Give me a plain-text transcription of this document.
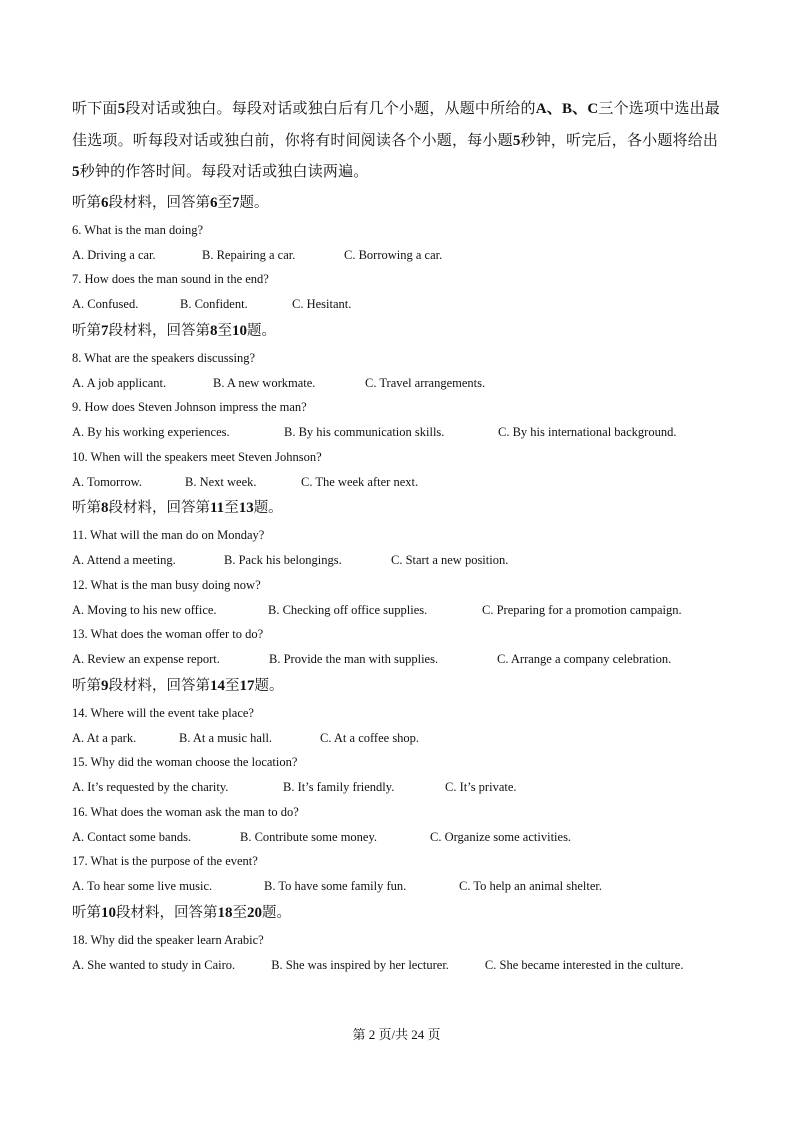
听下面5段对话或独白。每段对话或独白后有几个小题，从题中所给的A、B、C三个选项中选出最佳选项。听每段对话或独白前，你将有时间阅读各个小题，每小题5秒钟，听完后，各小题将给出5秒钟的作答时间。每段对话或独白读两遍。

听第6段材料，回答第6至7题。

6. What is the man doing?

A. Driving a car.	B. Repairing a car.	C. Borrowing a car.

7. How does the man sound in the end?

A. Confused.	B. Confident.	C. Hesitant.

听第7段材料，回答第8至10题。

8. What are the speakers discussing?

A. A job applicant.	B. A new workmate.	C. Travel arrangements.

9. How does Steven Johnson impress the man?

A. By his working experiences.	B. By his communication skills.	C. By his international background.

10. When will the speakers meet Steven Johnson?

A. Tomorrow.	B. Next week.	C. The week after next.

听第8段材料，回答第11至13题。

11. What will the man do on Monday?

A. Attend a meeting.	B. Pack his belongings.	C. Start a new position.

12. What is the man busy doing now?

A. Moving to his new office.	B. Checking off office supplies.	C. Preparing for a promotion campaign.

13. What does the woman offer to do?

A. Review an expense report.	B. Provide the man with supplies.	C. Arrange a company celebration.

听第9段材料，回答第14至17题。

14. Where will the event take place?

A. At a park.	B. At a music hall.	C. At a coffee shop.

15. Why did the woman choose the location?

A. It’s requested by the charity.	B. It’s family friendly.	C. It’s private.

16. What does the woman ask the man to do?

A. Contact some bands.	B. Contribute some money.	C. Organize some activities.

17. What is the purpose of the event?

A. To hear some live music.	B. To have some family fun.	C. To help an animal shelter.

听第10段材料，回答第18至20题。

18. Why did the speaker learn Arabic?

A. She wanted to study in Cairo.	B. She was inspired by her lecturer.	C. She became interested in the culture.

第 2 页/共 24 页
